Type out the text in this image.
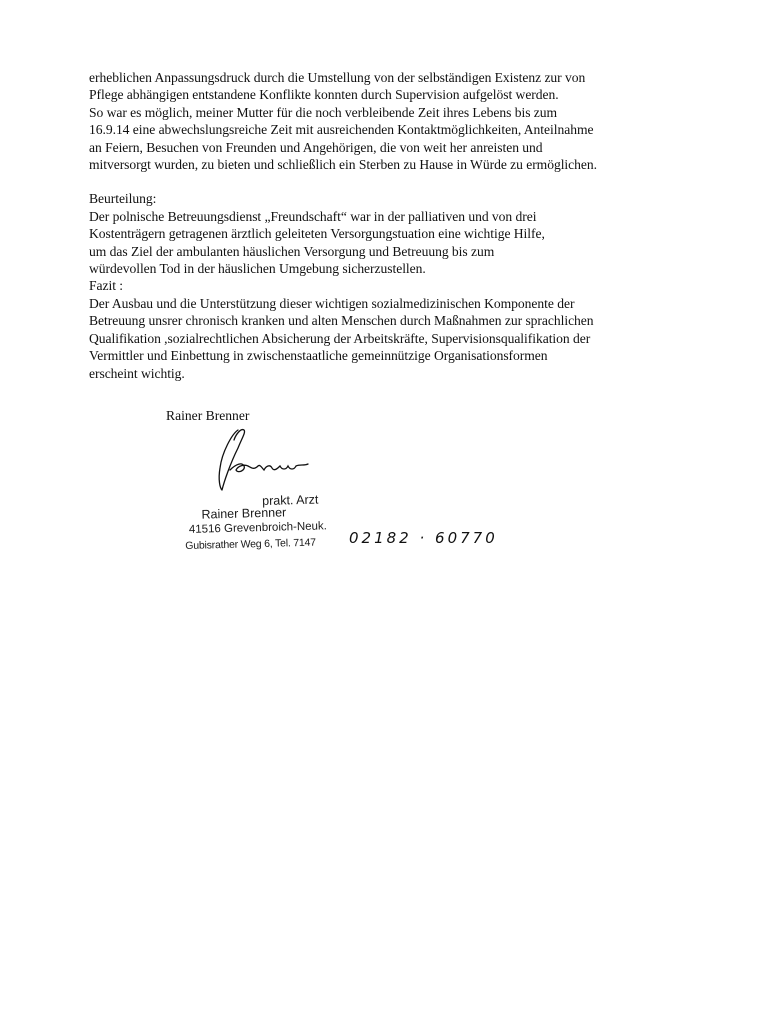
erheblichen Anpassungsdruck durch die Umstellung von der selbständigen Existenz zur von

Pflege abhängigen entstandene Konflikte konnten durch Supervision aufgelöst werden.

So war es möglich, meiner Mutter für die noch verbleibende Zeit ihres Lebens bis zum

16.9.14 eine abwechslungsreiche Zeit mit ausreichenden Kontaktmöglichkeiten, Anteilnahme

an Feiern, Besuchen von Freunden und Angehörigen, die von weit her anreisten und

mitversorgt wurden, zu bieten und schließlich ein Sterben zu Hause in Würde zu ermöglichen.

Beurteilung:

Der polnische Betreuungsdienst „Freundschaft“ war in der palliativen und von drei

Kostenträgern getragenen ärztlich geleiteten Versorgungstuation eine wichtige Hilfe,

um das Ziel der ambulanten häuslichen Versorgung und Betreuung bis zum

würdevollen Tod in der häuslichen Umgebung sicherzustellen.

Fazit :

Der Ausbau und die Unterstützung dieser wichtigen sozialmedizinischen Komponente der

Betreuung unsrer chronisch kranken und alten Menschen durch Maßnahmen zur sprachlichen

Qualifikation ,sozialrechtlichen Absicherung der Arbeitskräfte, Supervisionsqualifikation der

Vermittler und Einbettung in zwischenstaatliche gemeinnützige Organisationsformen

erscheint wichtig.

Rainer Brenner
prakt. Arzt
Rainer Brenner
41516 Grevenbroich-Neuk.
Gubisrather Weg 6, Tel. 7147 02182 · 60770
